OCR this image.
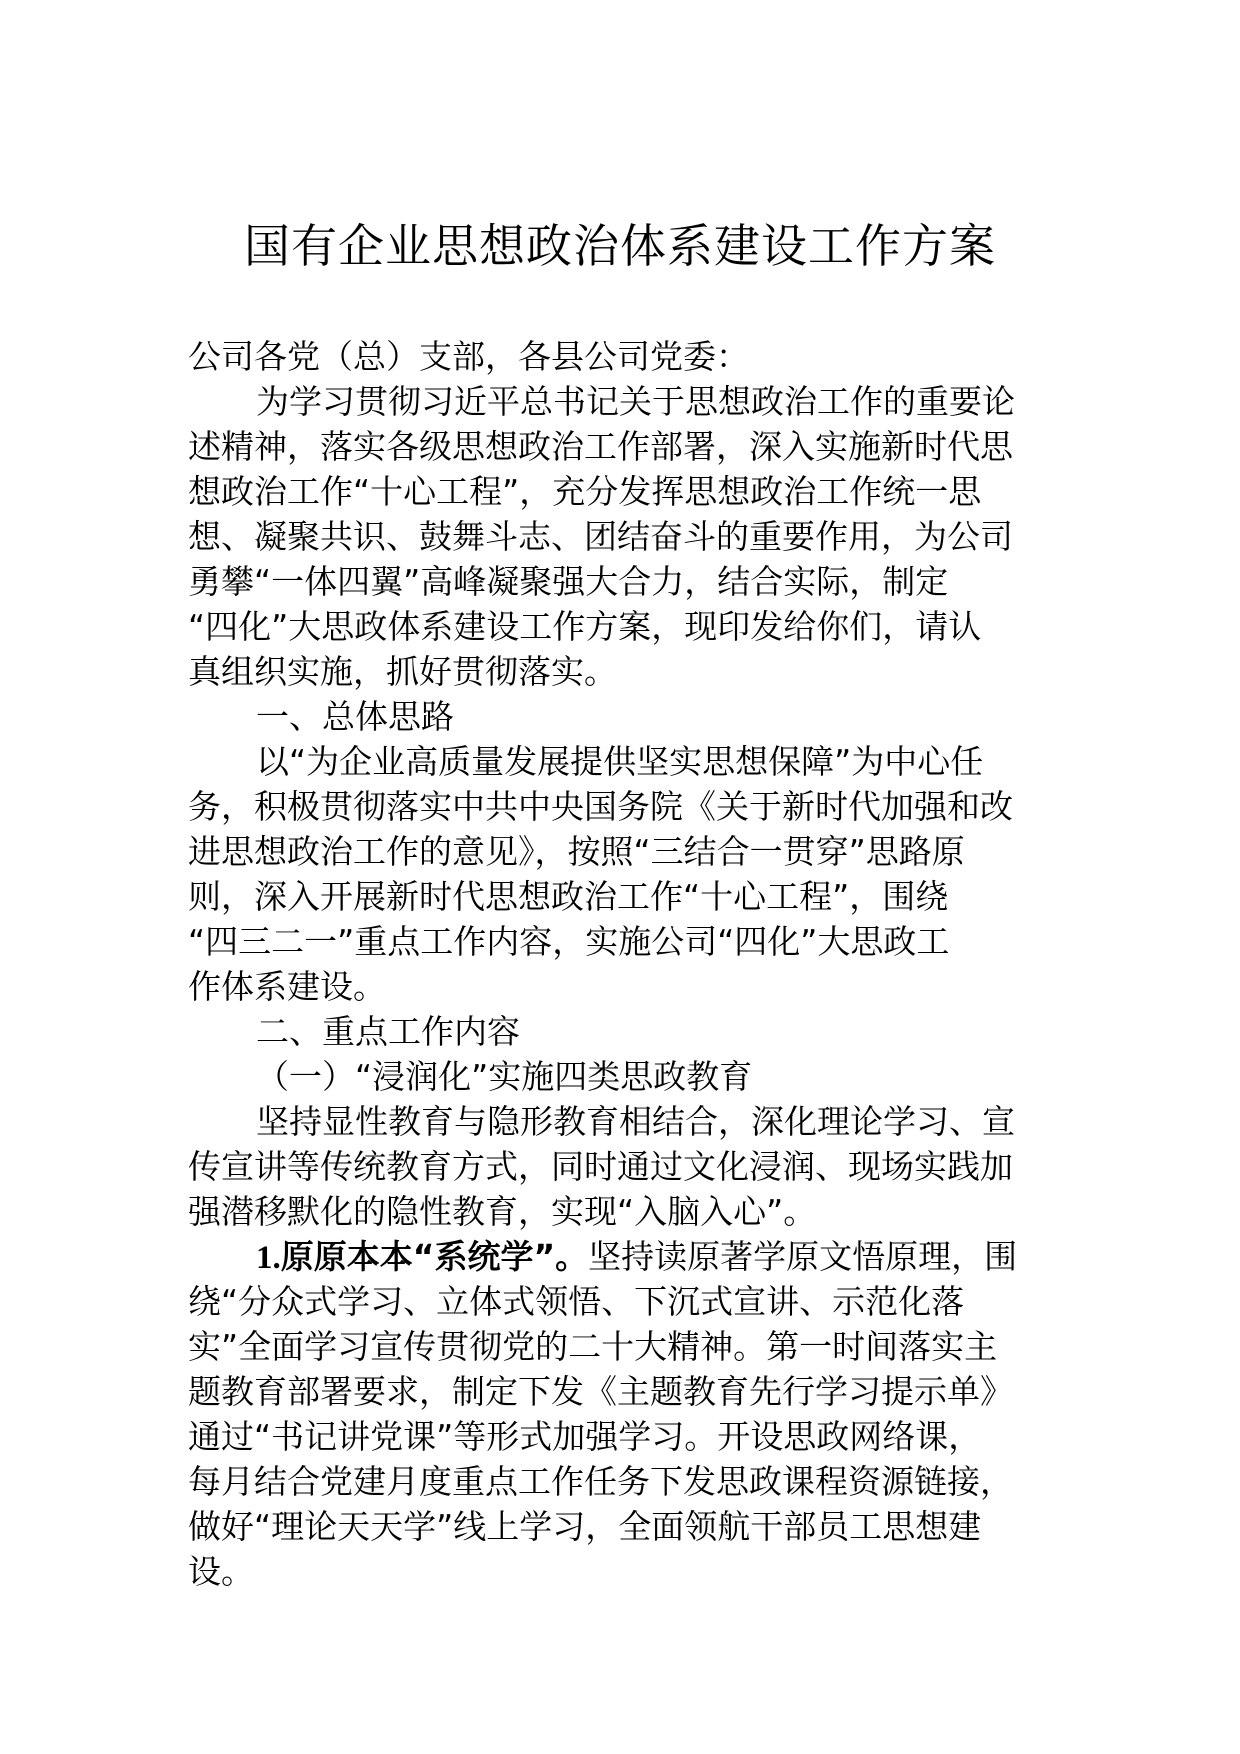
国有企业思想政治体系建设工作方案
公司各党（总）支部，各县公司党委：
为学习贯彻习近平总书记关于思想政治工作的重要论
述精神，落实各级思想政治工作部署，深入实施新时代思
想政治工作“十心工程”，充分发挥思想政治工作统一思
想、凝聚共识、鼓舞斗志、团结奋斗的重要作用，为公司
勇攀“一体四翼”高峰凝聚强大合力，结合实际，制定
“四化”大思政体系建设工作方案，现印发给你们，请认
真组织实施，抓好贯彻落实。
一、总体思路
以“为企业高质量发展提供坚实思想保障”为中心任
务，积极贯彻落实中共中央国务院《关于新时代加强和改
进思想政治工作的意见》，按照“三结合一贯穿”思路原
则，深入开展新时代思想政治工作“十心工程”，围绕
“四三二一”重点工作内容，实施公司“四化”大思政工
作体系建设。
二、重点工作内容
（一）“浸润化”实施四类思政教育
坚持显性教育与隐形教育相结合，深化理论学习、宣
传宣讲等传统教育方式，同时通过文化浸润、现场实践加
强潜移默化的隐性教育，实现“入脑入心”。
1.原原本本“系统学”。坚持读原著学原文悟原理，围
绕“分众式学习、立体式领悟、下沉式宣讲、示范化落
实”全面学习宣传贯彻党的二十大精神。第一时间落实主
题教育部署要求，制定下发《主题教育先行学习提示单》
通过“书记讲党课”等形式加强学习。开设思政网络课，
每月结合党建月度重点工作任务下发思政课程资源链接，
做好“理论天天学”线上学习，全面领航干部员工思想建
设。
